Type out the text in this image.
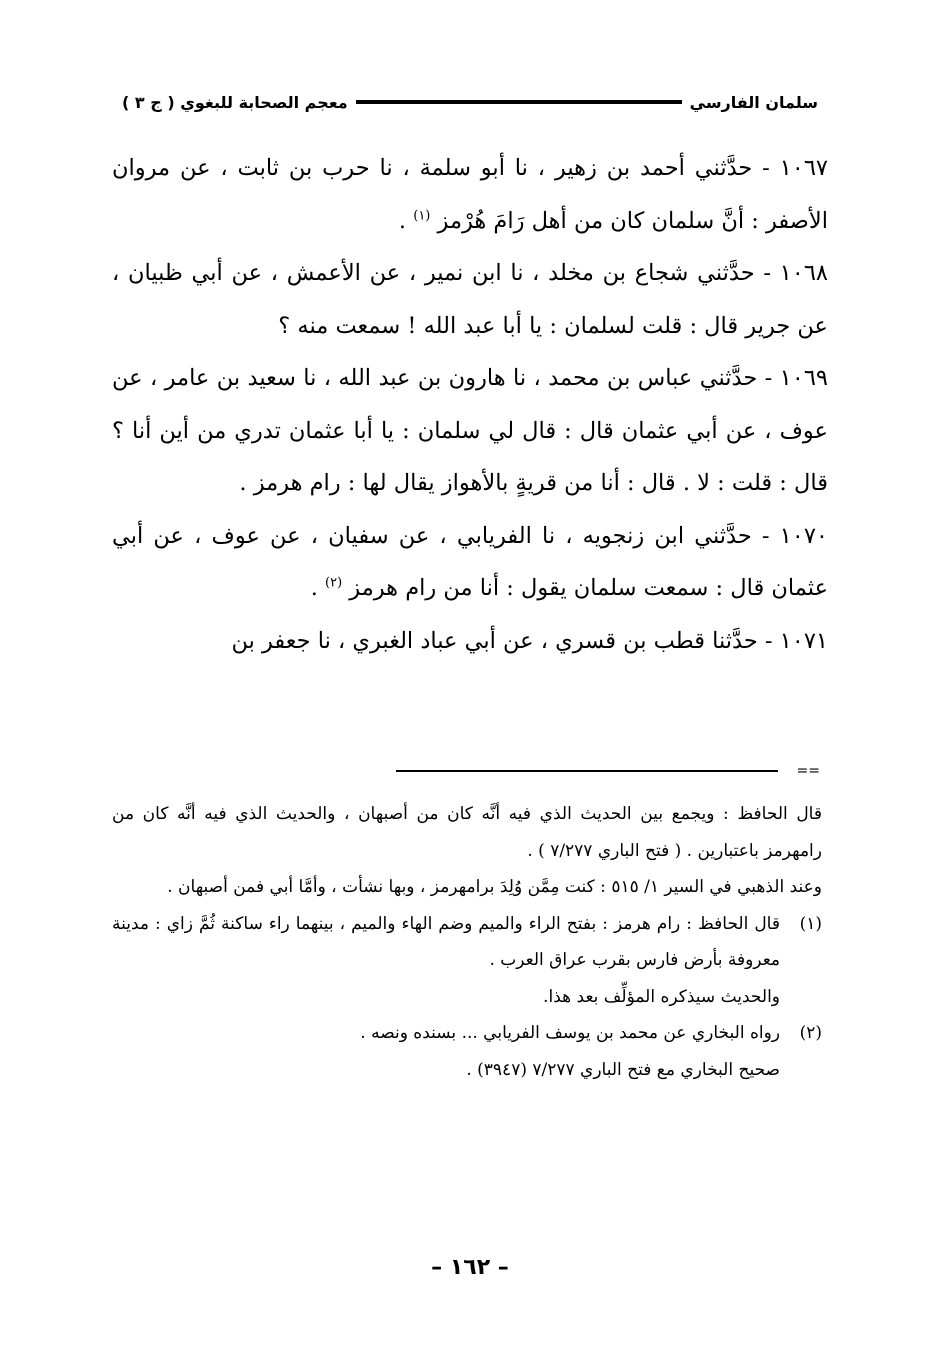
سلمان الفارسي
معجم الصحابة للبغوي ( ج ٣ )

١٠٦٧ - حدَّثني أحمد بن زهير ، نا أبو سلمة ، نا حرب بن ثابت ، عن مروان الأصفر : أنَّ سلمان كان من أهل رَامَ هُرْمز $^{(١)}$ .

١٠٦٨ - حدَّثني شجاع بن مخلد ، نا ابن نمير ، عن الأعمش ، عن أبي ظبيان ، عن جرير قال : قلت لسلمان : يا أبا عبد الله ! سمعت منه ؟

١٠٦٩ - حدَّثني عباس بن محمد ، نا هارون بن عبد الله ، نا سعيد بن عامر ، عن عوف ، عن أبي عثمان قال : قال لي سلمان : يا أبا عثمان تدري من أين أنا ؟ قال : قلت : لا . قال : أنا من قريةٍ بالأهواز يقال لها : رام هرمز .

١٠٧٠ - حدَّثني ابن زنجويه ، نا الفريابي ، عن سفيان ، عن عوف ، عن أبي عثمان قال : سمعت سلمان يقول : أنا من رام هرمز $^{(٢)}$ .

١٠٧١ - حدَّثنا قطب بن قسري ، عن أبي عباد الغبري ، نا جعفر بن

==
قال الحافظ : ويجمع بين الحديث الذي فيه أنَّه كان من أصبهان ، والحديث الذي فيه أنَّه كان من رامهرمز باعتبارين . ( فتح الباري ٧/٢٧٧ ) .
وعند الذهبي في السير ١/ ٥١٥ : كنت مِمَّن وُلِدَ برامهرمز ، وبها نشأت ، وأمَّا أبي فمن أصبهان .
(١)
قال الحافظ : رام هرمز : بفتح الراء والميم وضم الهاء والميم ، بينهما راء ساكنة ثُمَّ زاي : مدينة معروفة بأرض فارس بقرب عراق العرب .
والحديث سيذكره المؤلِّف بعد هذا.
(٢)
رواه البخاري عن محمد بن يوسف الفريابي ... بسنده ونصه .
صحيح البخاري مع فتح الباري ٧/٢٧٧ (٣٩٤٧) .
– ١٦٢ –
